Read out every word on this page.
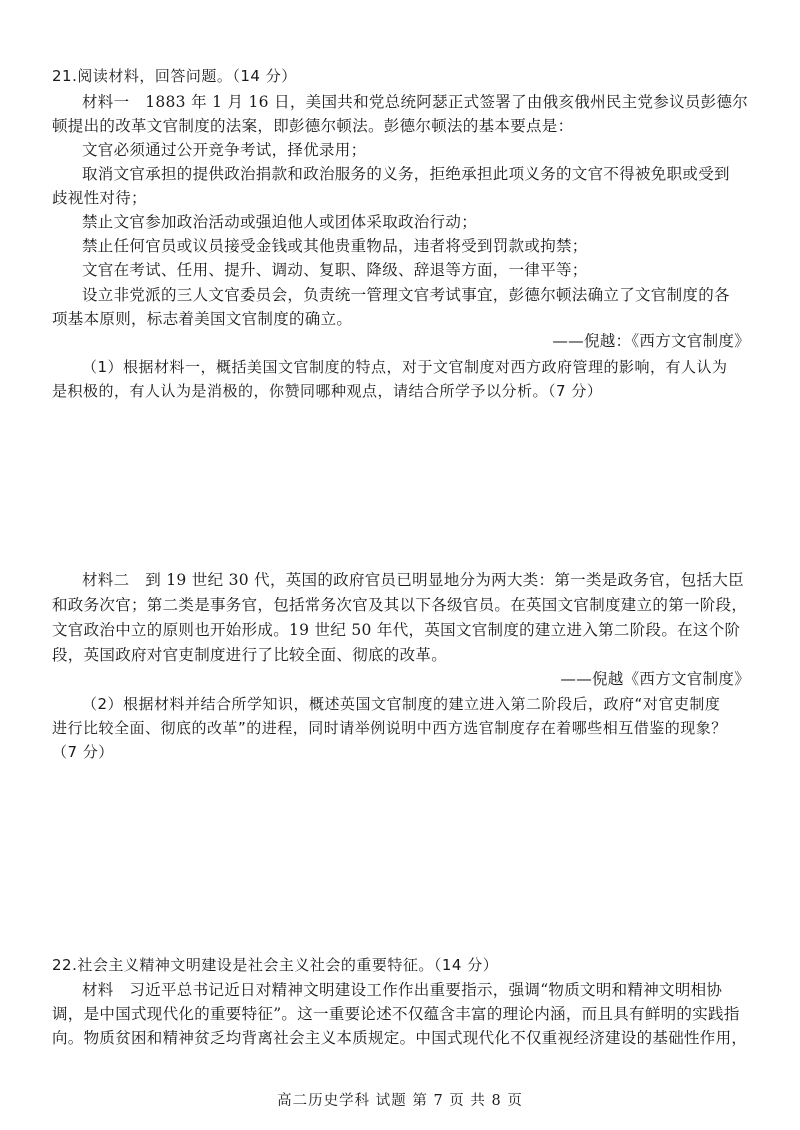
21.阅读材料，回答问题。（14 分）
材料一　1883 年 1 月 16 日，美国共和党总统阿瑟正式签署了由俄亥俄州民主党参议员彭德尔
顿提出的改革文官制度的法案，即彭德尔顿法。彭德尔顿法的基本要点是：
文官必须通过公开竞争考试，择优录用；
取消文官承担的提供政治捐款和政治服务的义务，拒绝承担此项义务的文官不得被免职或受到
歧视性对待；
禁止文官参加政治活动或强迫他人或团体采取政治行动；
禁止任何官员或议员接受金钱或其他贵重物品，违者将受到罚款或拘禁；
文官在考试、任用、提升、调动、复职、降级、辞退等方面，一律平等；
设立非党派的三人文官委员会，负责统一管理文官考试事宜，彭德尔顿法确立了文官制度的各
项基本原则，标志着美国文官制度的确立。
——倪越：《西方文官制度》
（1）根据材料一，概括美国文官制度的特点，对于文官制度对西方政府管理的影响，有人认为
是积极的，有人认为是消极的，你赞同哪种观点，请结合所学予以分析。（7 分）
材料二　到 19 世纪 30 代，英国的政府官员已明显地分为两大类：第一类是政务官，包括大臣
和政务次官；第二类是事务官，包括常务次官及其以下各级官员。在英国文官制度建立的第一阶段，
文官政治中立的原则也开始形成。19 世纪 50 年代，英国文官制度的建立进入第二阶段。在这个阶
段，英国政府对官吏制度进行了比较全面、彻底的改革。
——倪越《西方文官制度》
（2）根据材料并结合所学知识，概述英国文官制度的建立进入第二阶段后，政府“对官吏制度
进行比较全面、彻底的改革”的进程，同时请举例说明中西方选官制度存在着哪些相互借鉴的现象？
（7 分）
22.社会主义精神文明建设是社会主义社会的重要特征。（14 分）
材料　习近平总书记近日对精神文明建设工作作出重要指示，强调“物质文明和精神文明相协
调，是中国式现代化的重要特征”。这一重要论述不仅蕴含丰富的理论内涵，而且具有鲜明的实践指
向。物质贫困和精神贫乏均背离社会主义本质规定。中国式现代化不仅重视经济建设的基础性作用，
高二历史学科 试题 第 7 页 共 8 页
